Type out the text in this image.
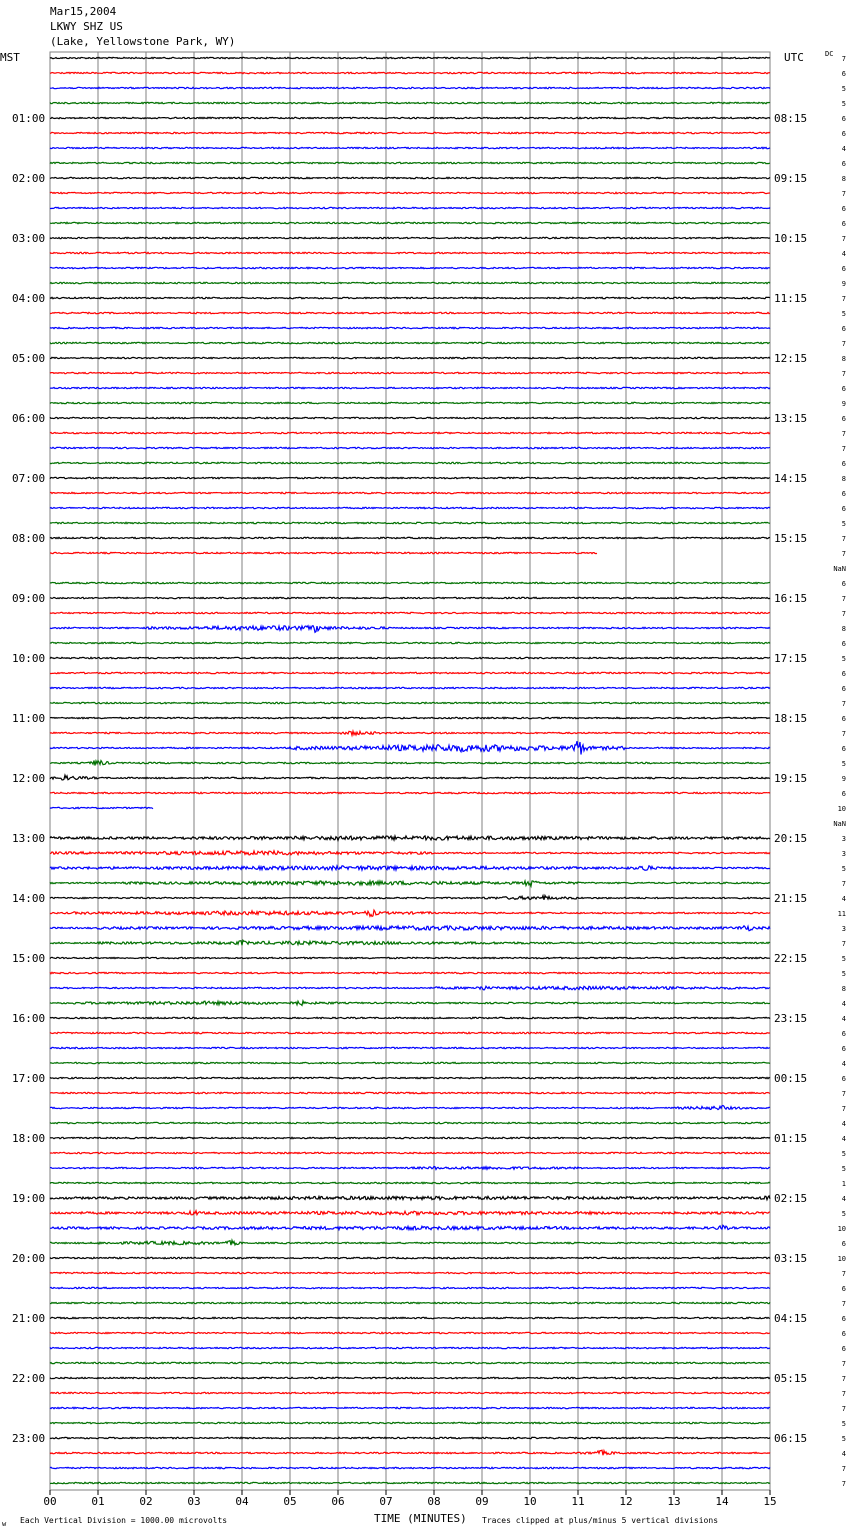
Mar15,2004
LKWY SHZ US
(Lake, Yellowstone Park, WY)
MST	UTC	DC
01:00
02:00
03:00
04:00
05:00
06:00
07:00
08:00
09:00
10:00
11:00
12:00
13:00
14:00
15:00
16:00
17:00
18:00
19:00
20:00
21:00
22:00
23:00
08:15
09:15
10:15
11:15
12:15
13:15
14:15
15:15
16:15
17:15
18:15
19:15
20:15
21:15
22:15
23:15
00:15
01:15
02:15
03:15
04:15
05:15
06:15
7
6
5
5
6
6
4
6
8
7
6
6
7
4
6
9
7
5
6
7
8
7
6
9
6
7
7
6
8
6
6
5
7
7
NaN
6
7
7
8
6
5
6
6
7
6
7
6
5
9
6
10
NaN
3
3
5
7
4
11
3
7
5
5
8
4
4
6
6
4
6
7
7
4
4
5
5
1
4
5
10
6
10
7
6
7
6
6
6
7
7
7
7
5
5
4
7
7
00	01	02	03	04	05	06	07	08	09	10	11	12	13	14	15
TIME (MINUTES)
Each Vertical Division = 1000.00 microvolts	Traces clipped at plus/minus 5 vertical divisions
w
